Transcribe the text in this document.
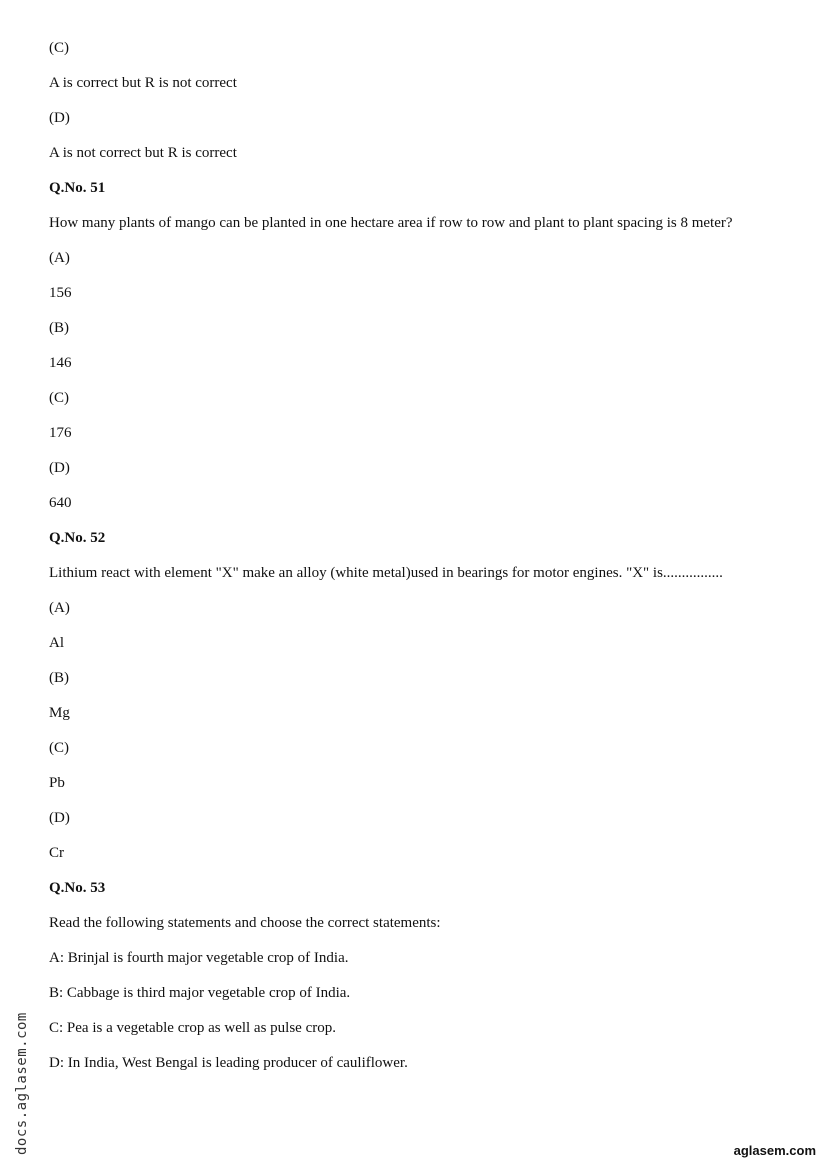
(C)

A is correct but R is not correct

(D)

A is not correct but R is correct

Q.No. 51

How many plants of mango can be planted in one hectare area if row to row and plant to plant spacing is 8 meter?

(A)

156

(B)

146

(C)

176

(D)

640

Q.No. 52

Lithium react with element "X" make an alloy (white metal)used in bearings for motor engines. "X" is................

(A)

Al

(B)

Mg

(C)

Pb

(D)

Cr

Q.No. 53

Read the following statements and choose the correct statements:

A: Brinjal is fourth major vegetable crop of India.

B: Cabbage is third major vegetable crop of India.

C: Pea is a vegetable crop as well as pulse crop.

D: In India, West Bengal is leading producer of cauliflower.

docs.aglasem.com	aglasem.com
